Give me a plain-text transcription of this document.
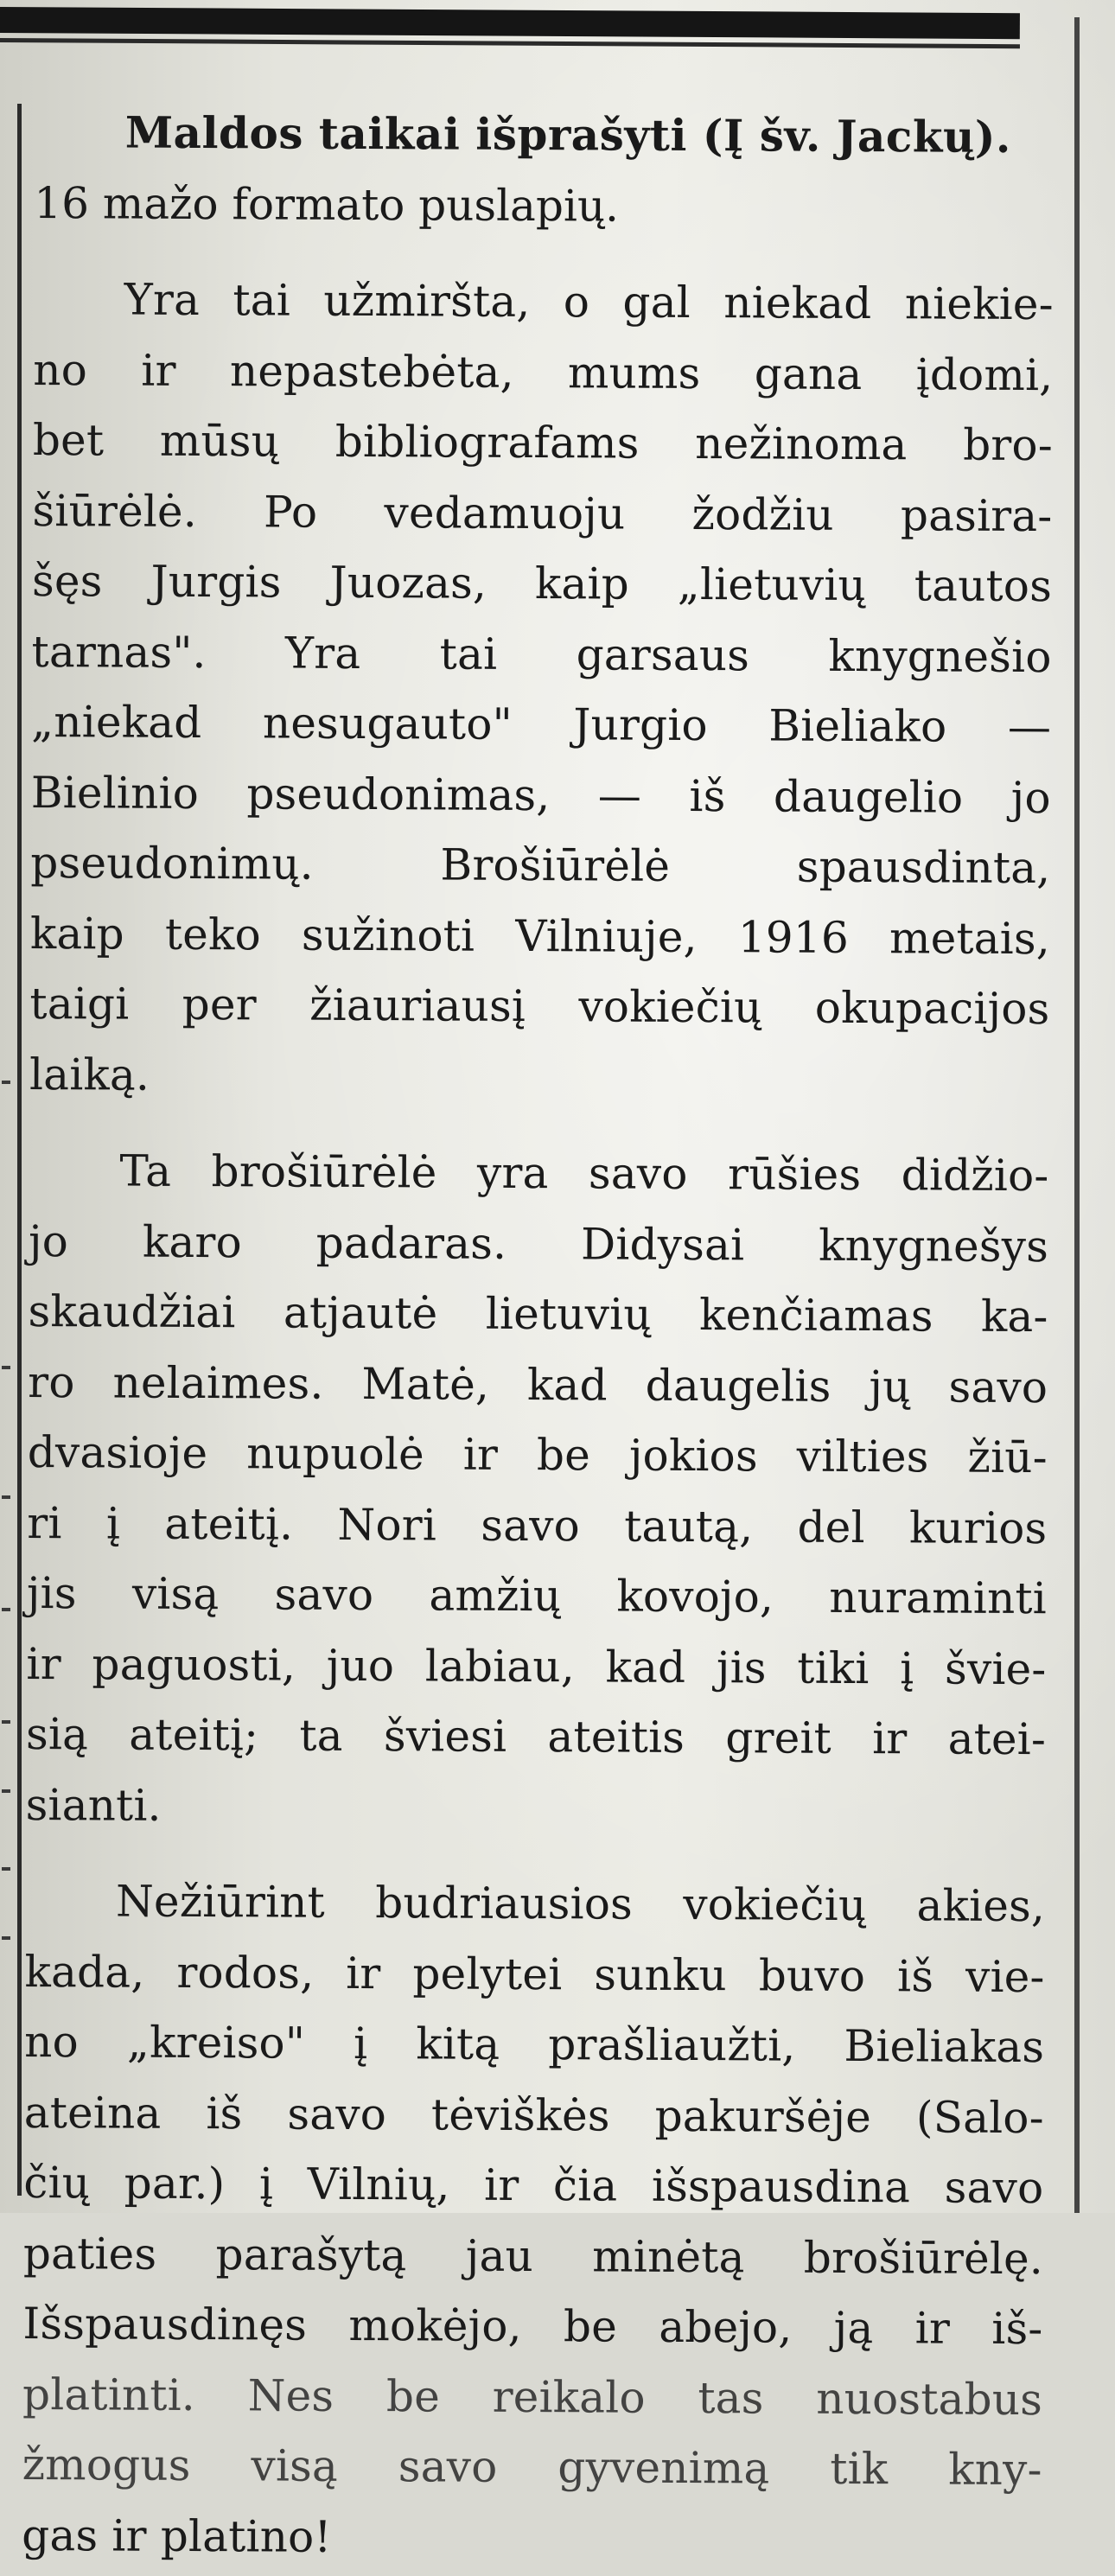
Maldos taikai išprašyti (Į šv. Jackų).
16 mažo formato puslapių.
Yra tai užmiršta, o gal niekad niekie-
no ir nepastebėta, mums gana įdomi,
bet mūsų bibliografams nežinoma bro-
šiūrėlė. Po vedamuoju žodžiu pasira-
šęs Jurgis Juozas, kaip „lietuvių tautos
tarnas". Yra tai garsaus knygnešio
„niekad nesugauto" Jurgio Bieliako —
Bielinio pseudonimas, — iš daugelio jo
pseudonimų. Brošiūrėlė spausdinta,
kaip teko sužinoti Vilniuje, 1916 metais,
taigi per žiauriausį vokiečių okupacijos
laiką.
Ta brošiūrėlė yra savo rūšies didžio-
jo karo padaras. Didysai knygnešys
skaudžiai atjautė lietuvių kenčiamas ka-
ro nelaimes. Matė, kad daugelis jų savo
dvasioje nupuolė ir be jokios vilties žiū-
ri į ateitį. Nori savo tautą, del kurios
jis visą savo amžių kovojo, nuraminti
ir paguosti, juo labiau, kad jis tiki į švie-
sią ateitį; ta šviesi ateitis greit ir atei-
sianti.
Nežiūrint budriausios vokiečių akies,
kada, rodos, ir pelytei sunku buvo iš vie-
no „kreiso" į kitą prašliaužti, Bieliakas
ateina iš savo tėviškės pakuršėje (Salo-
čių par.) į Vilnių, ir čia išspausdina savo
paties parašytą jau minėtą brošiūrėlę.
Išspausdinęs mokėjo, be abejo, ją ir iš-
platinti. Nes be reikalo tas nuostabus
žmogus visą savo gyvenimą tik kny-
gas ir platino!
